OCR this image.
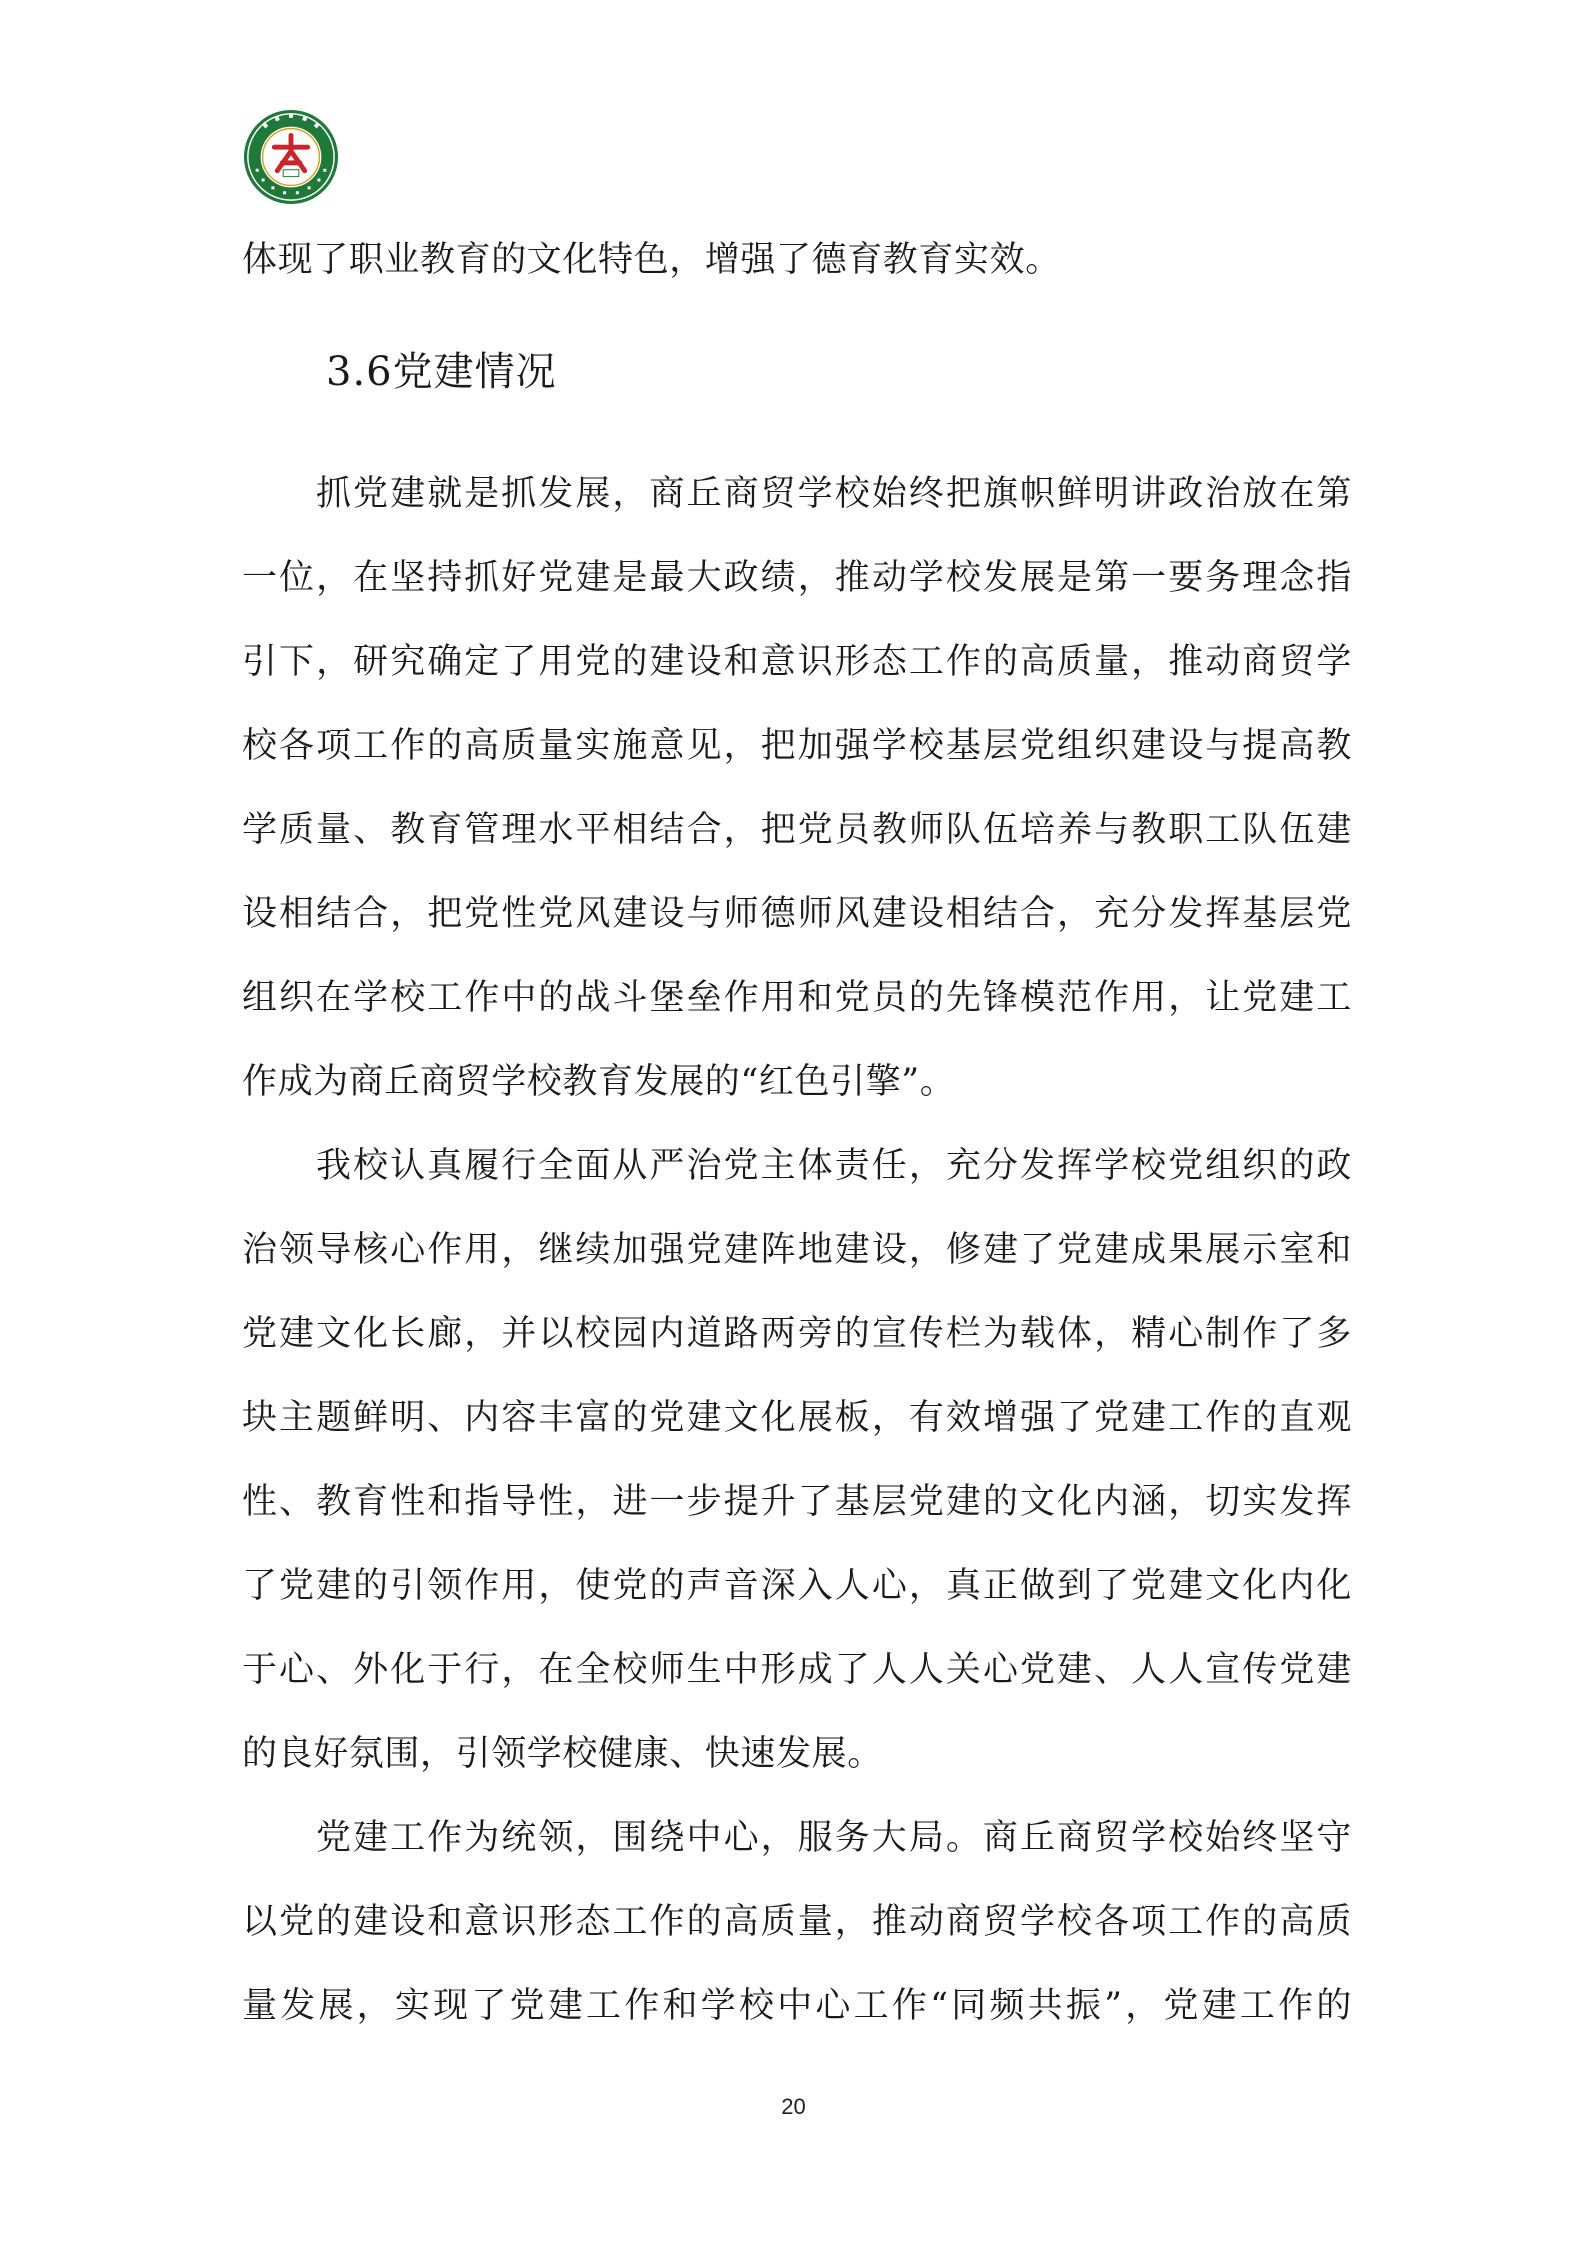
体现了职业教育的文化特色，增强了德育教育实效。
3.6党建情况
抓党建就是抓发展，商丘商贸学校始终把旗帜鲜明讲政治放在第
一位，在坚持抓好党建是最大政绩，推动学校发展是第一要务理念指
引下，研究确定了用党的建设和意识形态工作的高质量，推动商贸学
校各项工作的高质量实施意见，把加强学校基层党组织建设与提高教
学质量、教育管理水平相结合，把党员教师队伍培养与教职工队伍建
设相结合，把党性党风建设与师德师风建设相结合，充分发挥基层党
组织在学校工作中的战斗堡垒作用和党员的先锋模范作用，让党建工
作成为商丘商贸学校教育发展的“红色引擎”。
我校认真履行全面从严治党主体责任，充分发挥学校党组织的政
治领导核心作用，继续加强党建阵地建设，修建了党建成果展示室和
党建文化长廊，并以校园内道路两旁的宣传栏为载体，精心制作了多
块主题鲜明、内容丰富的党建文化展板，有效增强了党建工作的直观
性、教育性和指导性，进一步提升了基层党建的文化内涵，切实发挥
了党建的引领作用，使党的声音深入人心，真正做到了党建文化内化
于心、外化于行，在全校师生中形成了人人关心党建、人人宣传党建
的良好氛围，引领学校健康、快速发展。
党建工作为统领，围绕中心，服务大局。商丘商贸学校始终坚守
以党的建设和意识形态工作的高质量，推动商贸学校各项工作的高质
量发展，实现了党建工作和学校中心工作“同频共振”，党建工作的
20
